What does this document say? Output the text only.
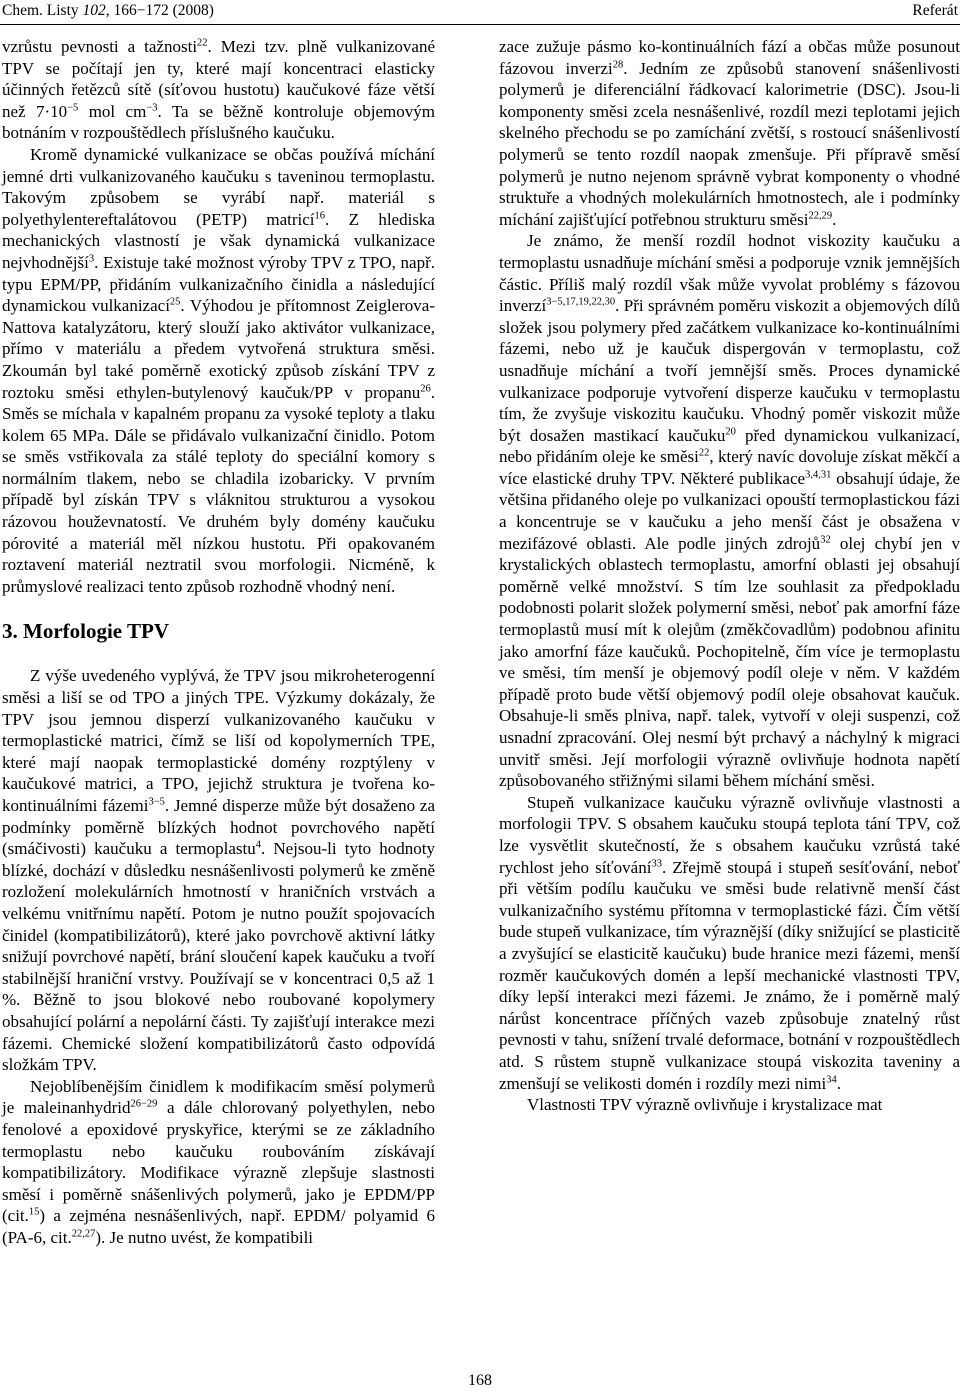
Chem. Listy 102, 166−172 (2008)	Referát

vzrůstu pevnosti a tažnosti$^{22}$. Mezi tzv. plně vulkanizované TPV se počítají jen ty, které mají koncentraci elasticky účinných řetězců sítě (síťovou hustotu) kaučukové fáze větší než $7\cdot 10^{-5}$ mol $cm^{-3}$. Ta se běžně kontroluje objemovým botnáním v rozpouštědlech příslušného kaučuku.

Kromě dynamické vulkanizace se občas používá míchání jemné drti vulkanizovaného kaučuku s taveninou termoplastu. Takovým způsobem se vyrábí např. materiál s polyethylentereftalátovou (PETP) matricí$^{16}$. Z hlediska mechanických vlastností je však dynamická vulkanizace nejvhodnější$^3$. Existuje také možnost výroby TPV z TPO, např. typu EPM/PP, přidáním vulkanizačního činidla a následující dynamickou vulkanizací$^{25}$. Výhodou je přítomnost Zeiglerova-Nattova katalyzátoru, který slouží jako aktivátor vulkanizace, přímo v materiálu a předem vytvořená struktura směsi. Zkoumán byl také poměrně exotický způsob získání TPV z roztoku směsi ethylen-butylenový kaučuk/PP v propanu$^{26}$. Směs se míchala v kapalném propanu za vysoké teploty a tlaku kolem 65 MPa. Dále se přidávalo vulkanizační činidlo. Potom se směs vstřikovala za stálé teploty do speciální komory s normálním tlakem, nebo se chladila izobaricky. V prvním případě byl získán TPV s vláknitou strukturou a vysokou rázovou houževnatostí. Ve druhém byly domény kaučuku pórovité a materiál měl nízkou hustotu. Při opakovaném roztavení materiál neztratil svou morfologii. Nicméně, k průmyslové realizaci tento způsob rozhodně vhodný není.

3. Morfologie TPV

Z výše uvedeného vyplývá, že TPV jsou mikroheterogenní směsi a liší se od TPO a jiných TPE. Výzkumy dokázaly, že TPV jsou jemnou disperzí vulkanizovaného kaučuku v termoplastické matrici, čímž se liší od kopolymerních TPE, které mají naopak termoplastické domény rozptýleny v kaučukové matrici, a TPO, jejichž struktura je tvořena ko-kontinuálními fázemi$^{3-5}$. Jemné disperze může být dosaženo za podmínky poměrně blízkých hodnot povrchového napětí (smáčivosti) kaučuku a termoplastu$^4$. Nejsou-li tyto hodnoty blízké, dochází v důsledku nesnášenlivosti polymerů ke změně rozložení molekulárních hmotností v hraničních vrstvách a velkému vnitřnímu napětí. Potom je nutno použít spojovacích činidel (kompatibilizátorů), které jako povrchově aktivní látky snižují povrchové napětí, brání sloučení kapek kaučuku a tvoří stabilnější hraniční vrstvy. Používají se v koncentraci 0,5 až 1 %. Běžně to jsou blokové nebo roubované kopolymery obsahující polární a nepolární části. Ty zajišťují interakce mezi fázemi. Chemické složení kompatibilizátorů často odpovídá složkám TPV.

Nejoblíbenějším činidlem k modifikacím směsí polymerů je maleinanhydrid$^{26-29}$ a dále chlorovaný polyethylen, nebo fenolové a epoxidové pryskyřice, kterými se ze základního termoplastu nebo kaučuku roubováním získávají kompatibilizátory. Modifikace výrazně zlepšuje slastnosti směsí i poměrně snášenlivých polymerů, jako je EPDM/PP (cit.$^{15}$) a zejména nesnášenlivých, např. EPDM/ polyamid 6 (PA-6, cit.$^{22,27}$). Je nutno uvést, že kompatibili

zace zužuje pásmo ko-kontinuálních fází a občas může posunout fázovou inverzi$^{28}$. Jedním ze způsobů stanovení snášenlivosti polymerů je diferenciální řádkovací kalorimetrie (DSC). Jsou-li komponenty směsi zcela nesnášenlivé, rozdíl mezi teplotami jejich skelného přechodu se po zamíchání zvětší, s rostoucí snášenlivostí polymerů se tento rozdíl naopak zmenšuje. Při přípravě směsí polymerů je nutno nejenom správně vybrat komponenty o vhodné struktuře a vhodných molekulárních hmotnostech, ale i podmínky míchání zajišťující potřebnou strukturu směsi$^{22,29}$.

Je známo, že menší rozdíl hodnot viskozity kaučuku a termoplastu usnadňuje míchání směsi a podporuje vznik jemnějších částic. Příliš malý rozdíl však může vyvolat problémy s fázovou inverzí$^{3-5,17,19,22,30}$. Při správném poměru viskozit a objemových dílů složek jsou polymery před začátkem vulkanizace ko-kontinuálními fázemi, nebo už je kaučuk dispergován v termoplastu, což usnadňuje míchání a tvoří jemnější směs. Proces dynamické vulkanizace podporuje vytvoření disperze kaučuku v termoplastu tím, že zvyšuje viskozitu kaučuku. Vhodný poměr viskozit může být dosažen mastikací kaučuku$^{20}$ před dynamickou vulkanizací, nebo přidáním oleje ke směsi$^{22}$, který navíc dovoluje získat měkčí a více elastické druhy TPV. Některé publikace$^{3,4,31}$ obsahují údaje, že většina přidaného oleje po vulkanizaci opouští termoplastickou fázi a koncentruje se v kaučuku a jeho menší část je obsažena v mezifázové oblasti. Ale podle jiných zdrojů$^{32}$ olej chybí jen v krystalických oblastech termoplastu, amorfní oblasti jej obsahují poměrně velké množství. S tím lze souhlasit za předpokladu podobnosti polarit složek polymerní směsi, neboť pak amorfní fáze termoplastů musí mít k olejům (změkčovadlům) podobnou afinitu jako amorfní fáze kaučuků. Pochopitelně, čím více je termoplastu ve směsi, tím menší je objemový podíl oleje v něm. V každém případě proto bude větší objemový podíl oleje obsahovat kaučuk. Obsahuje-li směs plniva, např. talek, vytvoří v oleji suspenzi, což usnadní zpracování. Olej nesmí být prchavý a náchylný k migraci unvitř směsi. Její morfologii výrazně ovlivňuje hodnota napětí způsobovaného střižnými silami během míchání směsi.

Stupeň vulkanizace kaučuku výrazně ovlivňuje vlastnosti a morfologii TPV. S obsahem kaučuku stoupá teplota tání TPV, což lze vysvětlit skutečností, že s obsahem kaučuku vzrůstá také rychlost jeho síťování$^{33}$. Zřejmě stoupá i stupeň sesíťování, neboť při větším podílu kaučuku ve směsi bude relativně menší část vulkanizačního systému přítomna v termoplastické fázi. Čím větší bude stupeň vulkanizace, tím výraznější (díky snižující se plasticitě a zvyšující se elasticitě kaučuku) bude hranice mezi fázemi, menší rozměr kaučukových domén a lepší mechanické vlastnosti TPV, díky lepší interakci mezi fázemi. Je známo, že i poměrně malý nárůst koncentrace příčných vazeb způsobuje znatelný růst pevnosti v tahu, snížení trvalé deformace, botnání v rozpouštědlech atd. S růstem stupně vulkanizace stoupá viskozita taveniny a zmenšují se velikosti domén i rozdíly mezi nimi$^{34}$.

Vlastnosti TPV výrazně ovlivňuje i krystalizace mat

168
